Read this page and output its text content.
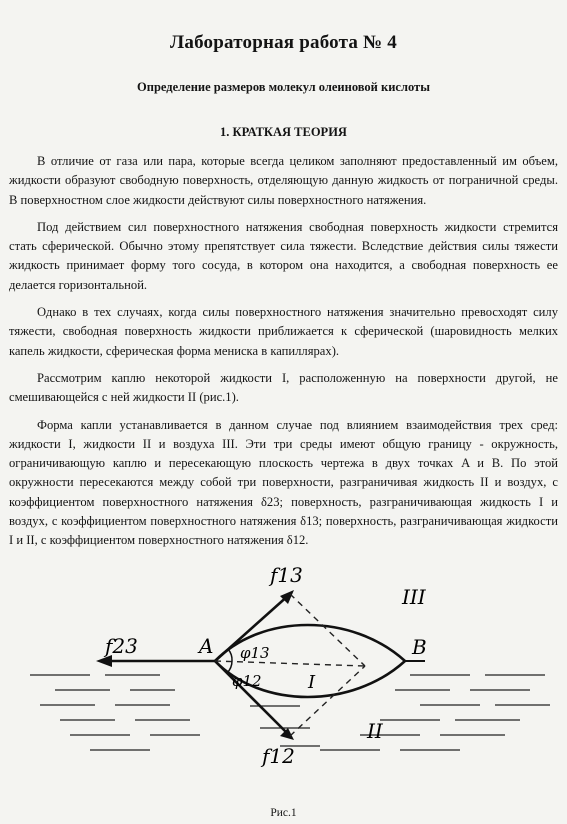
Лабораторная работа № 4
Определение размеров молекул олеиновой кислоты
1. КРАТКАЯ ТЕОРИЯ

В отличие от газа или пара, которые всегда целиком заполняют предоставленный им объем, жидкости образуют свободную поверхность, отделяющую данную жидкость от пограничной среды. В поверхностном слое жидкости действуют силы поверхностного натяжения.

Под действием сил поверхностного натяжения свободная поверхность жидкости стремится стать сферической. Обычно этому препятствует сила тяжести. Вследствие действия силы тяжести жидкость принимает форму того сосуда, в котором она находится, а свободная поверхность ее делается горизонтальной.

Однако в тех случаях, когда силы поверхностного натяжения значительно превосходят силу тяжести, свободная поверхность жидкости приближается к сферической (шаровидность мелких капель жидкости, сферическая форма мениска в капиллярах).

Рассмотрим каплю некоторой жидкости I, расположенную на поверхности другой, не смешивающейся с ней жидкости II (рис.1).

Форма капли устанавливается в данном случае под влиянием взаимодействия трех сред: жидкости I, жидкости II и воздуха III. Эти три среды имеют общую границу - окружность, ограничивающую каплю и пересекающую плоскость чертежа в двух точках A и B. По этой окружности пересекаются между собой три поверхности, разграничивая жидкость II и воздух, с коэффициентом поверхностного натяжения δ23; поверхность, разграничивающая жидкость I и воздух, с коэффициентом поверхностного натяжения δ13; поверхность, разграничивающая жидкости I и II, с коэффициентом поверхностного натяжения δ12.

f13
f23
f12
A	B
φ13
φ12	I
II
III
Рис.1
